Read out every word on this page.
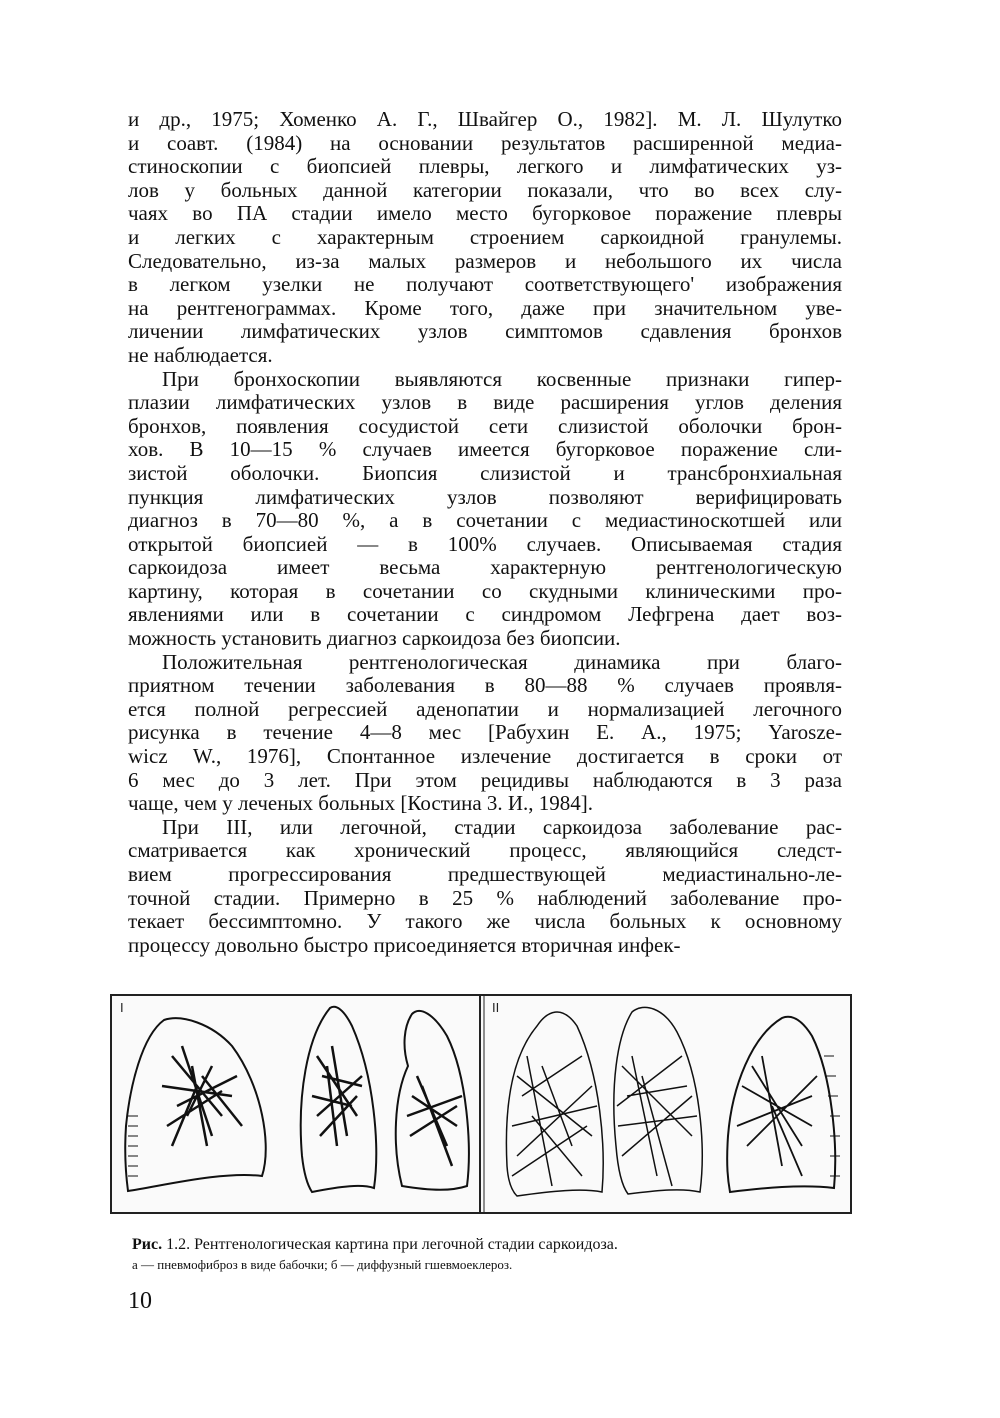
и др., 1975; Хоменко А. Г., Швайгер О., 1982]. М. Л. Шулутко
и соавт. (1984) на основании результатов расширенной медиа-
стиноскопии с биопсией плевры, легкого и лимфатических уз-
лов у больных данной категории показали, что во всех слу-
чаях во ПА стадии имело место бугорковое поражение плевры
и легких с характерным строением саркоидной гранулемы.
Следовательно, из-за малых размеров и небольшого их числа
в легком узелки не получают соответствующего' изображения
на рентгенограммах. Кроме того, даже при значительном уве-
личении лимфатических узлов симптомов сдавления бронхов
не наблюдается.
При бронхоскопии выявляются косвенные признаки гипер-
плазии лимфатических узлов в виде расширения углов деления
бронхов, появления сосудистой сети слизистой оболочки брон-
хов. В 10—15 % случаев имеется бугорковое поражение сли-
зистой оболочки. Биопсия слизистой и трансбронхиальная
пункция лимфатических узлов позволяют верифицировать
диагноз в 70—80 %, а в сочетании с медиастиноскотшей или
открытой биопсией — в 100% случаев. Описываемая стадия
саркоидоза имеет весьма характерную рентгенологическую
картину, которая в сочетании со скудными клиническими про-
явлениями или в сочетании с синдромом Лефгрена дает воз-
можность установить диагноз саркоидоза без биопсии.
Положительная рентгенологическая динамика при благо-
приятном течении заболевания в 80—88 % случаев проявля-
ется полной регрессией аденопатии и нормализацией легочного
рисунка в течение 4—8 мес [Рабухин Е. А., 1975; Yarosze-
wicz W., 1976], Спонтанное излечение достигается в сроки от
6 мес до 3 лет. При этом рецидивы наблюдаются в 3 раза
чаще, чем у леченых больных [Костина 3. И., 1984].
При III, или легочной, стадии саркоидоза заболевание рас-
сматривается как хронический процесс, являющийся следст-
вием прогрессирования предшествующей медиастинально-ле-
точной стадии. Примерно в 25 % наблюдений заболевание про-
текает бессимптомно. У такого же числа больных к основному
процессу довольно быстро присоединяется вторичная инфек-
I	II
Рис. 1.2. Рентгенологическая картина при легочной стадии саркоидоза.
а — пневмофиброз в виде бабочки; б — диффузный гшевмоеклероз.
10
